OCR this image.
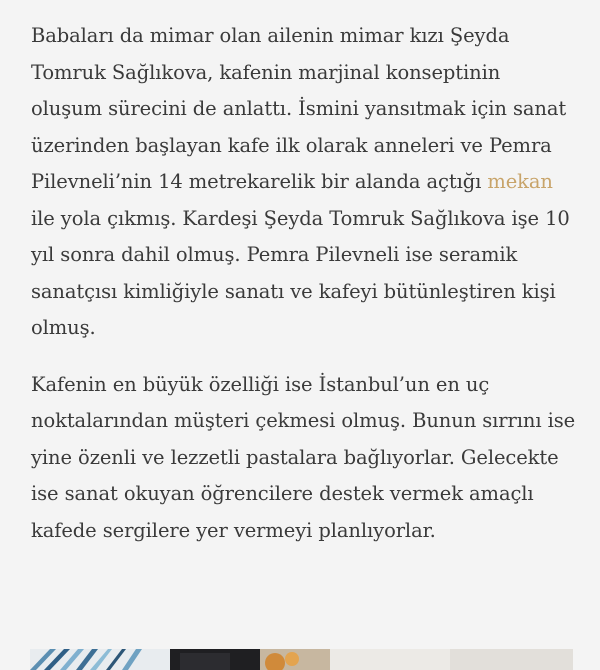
Babaları da mimar olan ailenin mimar kızı Şeyda Tomruk Sağlıkova, kafenin marjinal konseptinin oluşum sürecini de anlattı. İsmini yansıtmak için sanat üzerinden başlayan kafe ilk olarak anneleri ve Pemra Pilevneli’nin 14 metrekarelik bir alanda açtığı mekan ile yola çıkmış. Kardeşi Şeyda Tomruk Sağlıkova işe 10 yıl sonra dahil olmuş. Pemra Pilevneli ise seramik sanatçısı kimliğiyle sanatı ve kafeyi bütünleştiren kişi olmuş.

Kafenin en büyük özelliği ise İstanbul’un en uç noktalarından müşteri çekmesi olmuş. Bunun sırrını ise yine özenli ve lezzetli pastalara bağlıyorlar. Gelecekte ise sanat okuyan öğrencilere destek vermek amaçlı kafede sergilere yer vermeyi planlıyorlar.
